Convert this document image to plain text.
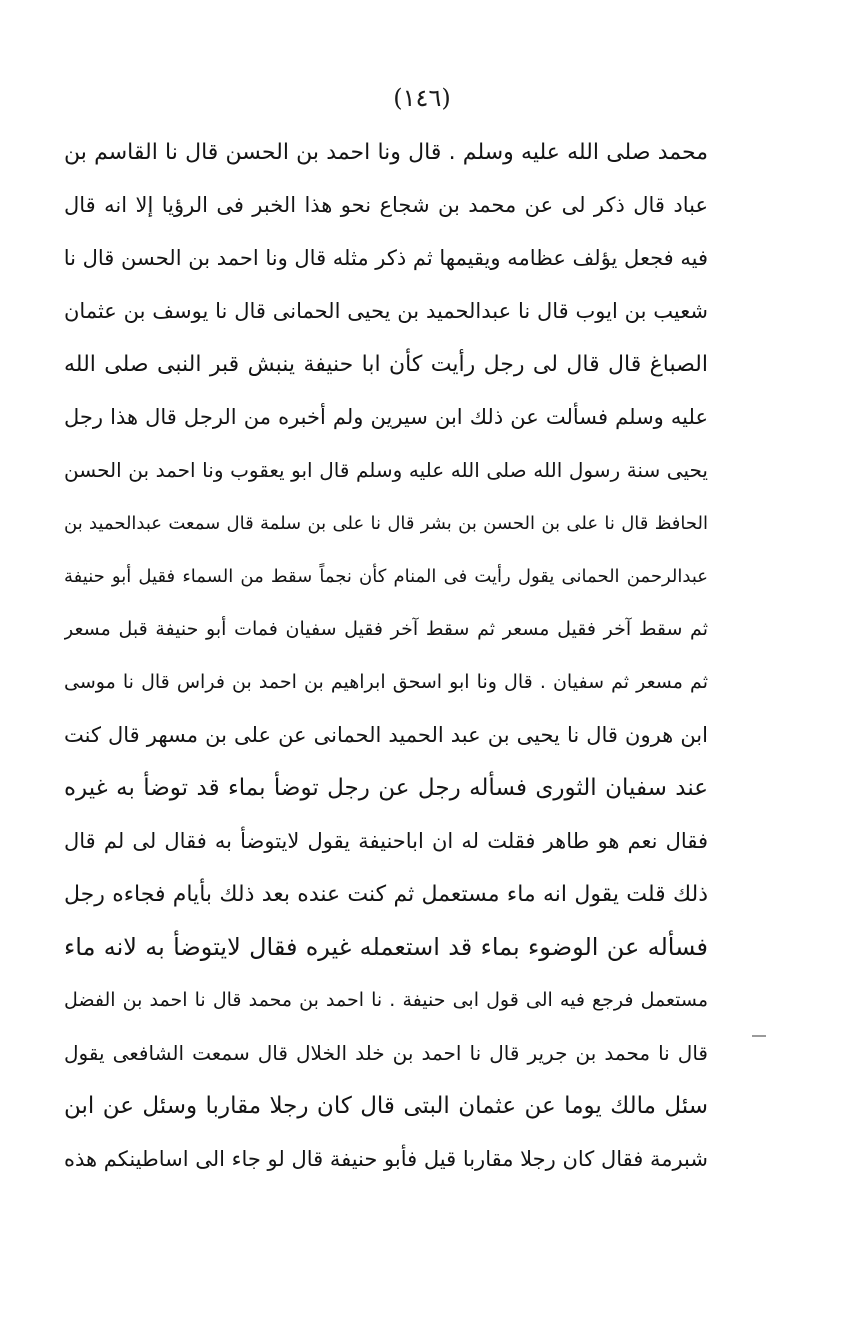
(١٤٦)
محمد صلى الله عليه وسلم . قال ونا احمد بن الحسن قال نا القاسم بن
عباد قال ذكر لى عن محمد بن شجاع نحو هذا الخبر فى الرؤيا إلا انه قال
فيه فجعل يؤلف عظامه ويقيمها ثم ذكر مثله قال ونا احمد بن الحسن قال نا
شعيب بن ايوب قال نا عبدالحميد بن يحيى الحمانى قال نا يوسف بن عثمان
الصباغ قال قال لى رجل رأيت كأن ابا حنيفة ينبش قبر النبى صلى الله
عليه وسلم فسألت عن ذلك ابن سيرين ولم أخبره من الرجل قال هذا رجل
يحيى سنة رسول الله صلى الله عليه وسلم قال ابو يعقوب ونا احمد بن الحسن
الحافظ قال نا على بن الحسن بن بشر قال نا على بن سلمة قال سمعت عبدالحميد بن
عبدالرحمن الحمانى يقول رأيت فى المنام كأن نجماً سقط من السماء فقيل أبو حنيفة
ثم سقط آخر فقيل مسعر ثم سقط آخر فقيل سفيان فمات أبو حنيفة قبل مسعر
ثم مسعر ثم سفيان . قال ونا ابو اسحق ابراهيم بن احمد بن فراس قال نا موسى
ابن هرون قال نا يحيى بن عبد الحميد الحمانى عن على بن مسهر قال كنت
عند سفيان الثورى فسأله رجل عن رجل توضأ بماء قد توضأ به غيره
فقال نعم هو طاهر فقلت له ان اباحنيفة يقول لايتوضأ به فقال لى لم قال
ذلك قلت يقول انه ماء مستعمل ثم كنت عنده بعد ذلك بأيام فجاءه رجل
فسأله عن الوضوء بماء قد استعمله غيره فقال لايتوضأ به لانه ماء
مستعمل فرجع فيه الى قول ابى حنيفة . نا احمد بن محمد قال نا احمد بن الفضل
قال نا محمد بن جرير قال نا احمد بن خلد الخلال قال سمعت الشافعى يقول
سئل مالك يوما عن عثمان البتى قال كان رجلا مقاربا وسئل عن ابن
شبرمة فقال كان رجلا مقاربا قيل فأبو حنيفة قال لو جاء الى اساطينكم هذه
